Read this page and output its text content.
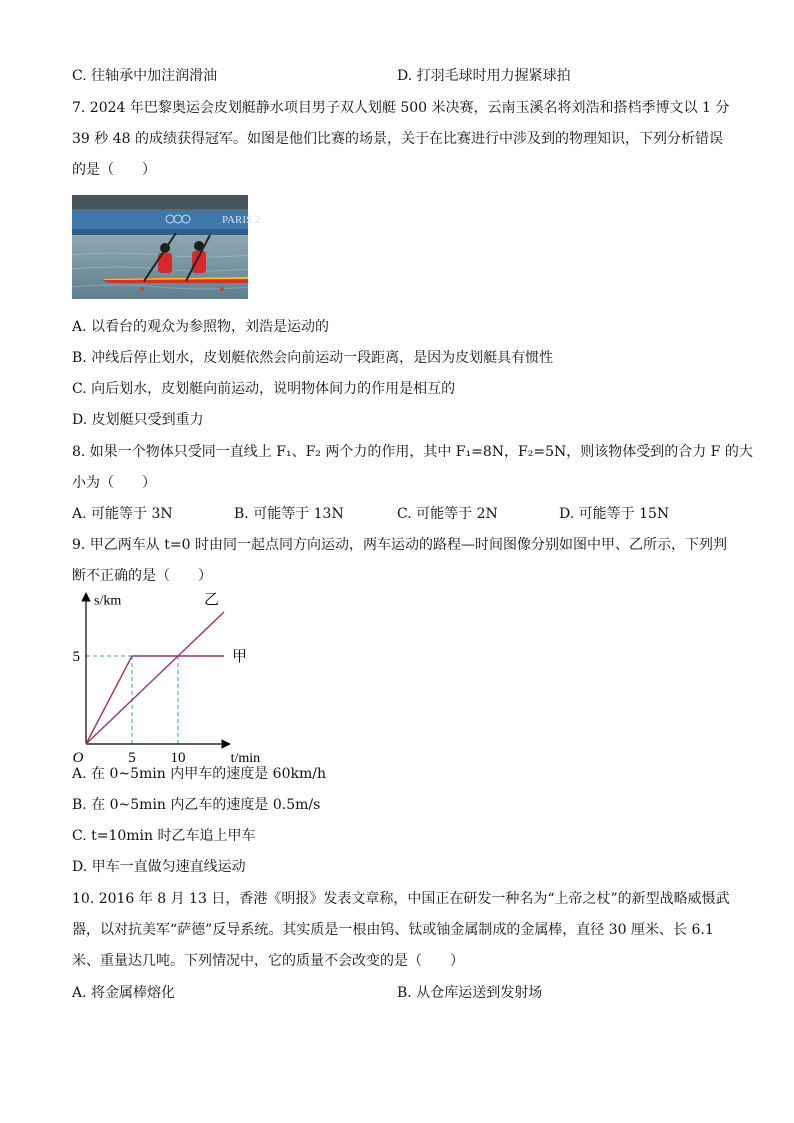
C. 往轴承中加注润滑油	D. 打羽毛球时用力握紧球拍
7. 2024 年巴黎奥运会皮划艇静水项目男子双人划艇 500 米决赛，云南玉溪名将刘浩和搭档季博文以 1 分
39 秒 48 的成绩获得冠军。如图是他们比赛的场景，关于在比赛进行中涉及到的物理知识，下列分析错误
的是（　　）
PARIS 2
A. 以看台的观众为参照物，刘浩是运动的
B. 冲线后停止划水，皮划艇依然会向前运动一段距离，是因为皮划艇具有惯性
C. 向后划水，皮划艇向前运动，说明物体间力的作用是相互的
D. 皮划艇只受到重力
8. 如果一个物体只受同一直线上 F₁、F₂ 两个力的作用，其中 F₁=8N，F₂=5N，则该物体受到的合力 F 的大
小为（　　）
A. 可能等于 3N	B. 可能等于 13N	C. 可能等于 2N	D. 可能等于 15N
9. 甲乙两车从 t=0 时由同一起点同方向运动，两车运动的路程—时间图像分别如图中甲、乙所示，下列判
断不正确的是（　　）
甲
乙
5 10
5
O	t/min
s/km
A. 在 0~5min 内甲车的速度是 60km/h
B. 在 0~5min 内乙车的速度是 0.5m/s
C. t=10min 时乙车追上甲车
D. 甲车一直做匀速直线运动
10. 2016 年 8 月 13 日，香港《明报》发表文章称，中国正在研发一种名为“上帝之杖”的新型战略威慑武
器，以对抗美军“萨德”反导系统。其实质是一根由钨、钛或铀金属制成的金属棒，直径 30 厘米、长 6.1
米、重量达几吨。下列情况中，它的质量不会改变的是（　　）
A. 将金属棒熔化	B. 从仓库运送到发射场
